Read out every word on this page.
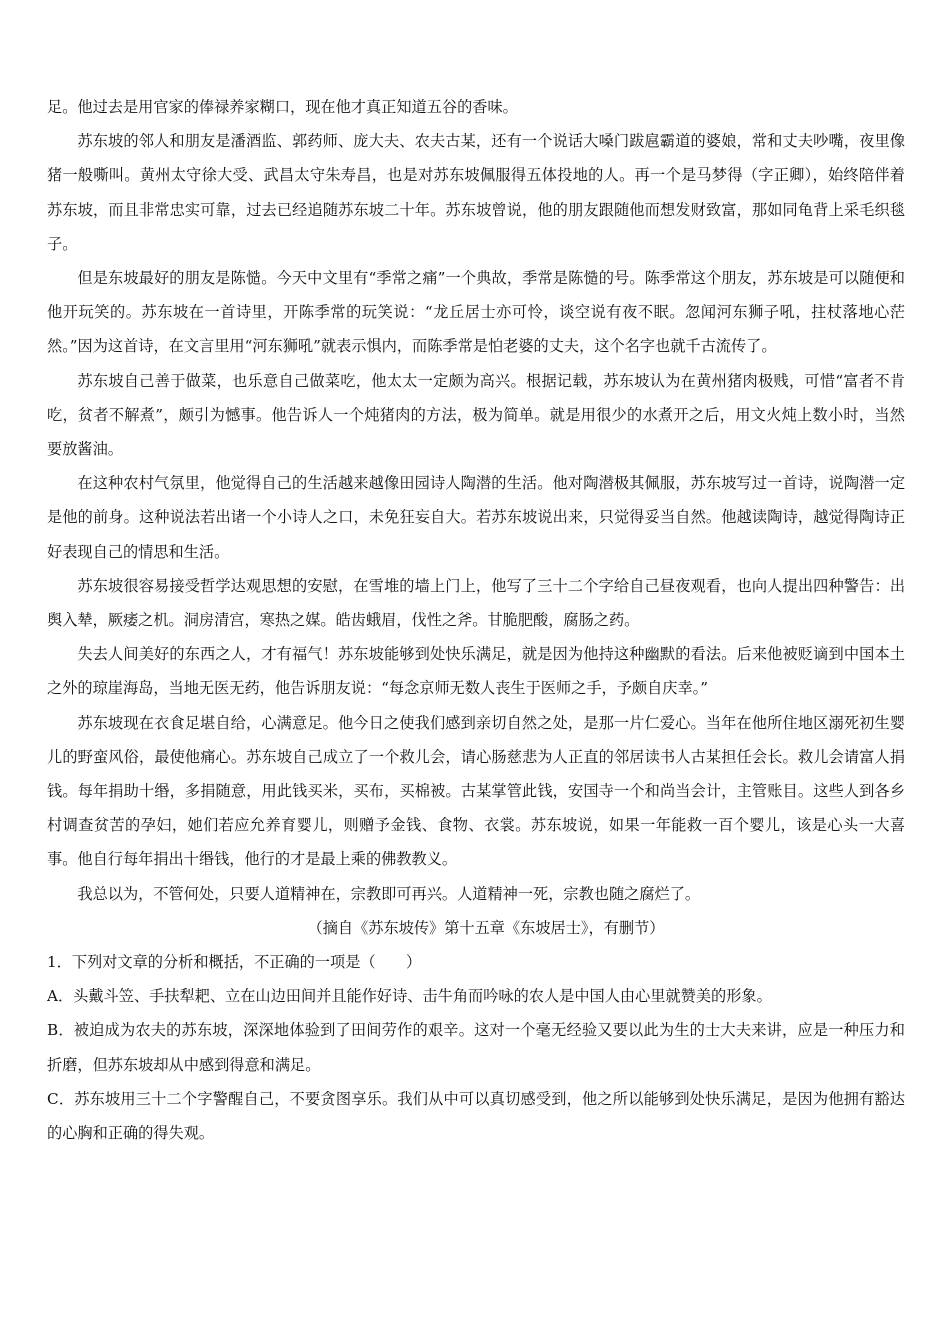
足。他过去是用官家的俸禄养家糊口，现在他才真正知道五谷的香味。

苏东坡的邻人和朋友是潘酒监、郭药师、庞大夫、农夫古某，还有一个说话大嗓门跋扈霸道的婆娘，常和丈夫吵嘴，夜里像猪一般嘶叫。黄州太守徐大受、武昌太守朱寿昌，也是对苏东坡佩服得五体投地的人。再一个是马梦得（字正卿），始终陪伴着苏东坡，而且非常忠实可靠，过去已经追随苏东坡二十年。苏东坡曾说，他的朋友跟随他而想发财致富，那如同龟背上采毛织毯子。

但是东坡最好的朋友是陈慥。今天中文里有“季常之痛”一个典故，季常是陈慥的号。陈季常这个朋友，苏东坡是可以随便和他开玩笑的。苏东坡在一首诗里，开陈季常的玩笑说：“龙丘居士亦可怜，谈空说有夜不眠。忽闻河东狮子吼，拄杖落地心茫然。”因为这首诗，在文言里用“河东狮吼”就表示惧内，而陈季常是怕老婆的丈夫，这个名字也就千古流传了。

苏东坡自己善于做菜，也乐意自己做菜吃，他太太一定颇为高兴。根据记载，苏东坡认为在黄州猪肉极贱，可惜“富者不肯吃，贫者不解煮”，颇引为憾事。他告诉人一个炖猪肉的方法，极为简单。就是用很少的水煮开之后，用文火炖上数小时，当然要放酱油。

在这种农村气氛里，他觉得自己的生活越来越像田园诗人陶潜的生活。他对陶潜极其佩服，苏东坡写过一首诗，说陶潜一定是他的前身。这种说法若出诸一个小诗人之口，未免狂妄自大。若苏东坡说出来，只觉得妥当自然。他越读陶诗，越觉得陶诗正好表现自己的情思和生活。

苏东坡很容易接受哲学达观思想的安慰，在雪堆的墙上门上，他写了三十二个字给自己昼夜观看，也向人提出四种警告：出舆入辇，厥痿之机。洞房清宫，寒热之媒。皓齿蛾眉，伐性之斧。甘脆肥酸，腐肠之药。

失去人间美好的东西之人，才有福气！苏东坡能够到处快乐满足，就是因为他持这种幽默的看法。后来他被贬谪到中国本土之外的琼崖海岛，当地无医无药，他告诉朋友说：“每念京师无数人丧生于医师之手，予颇自庆幸。”

苏东坡现在衣食足堪自给，心满意足。他今日之使我们感到亲切自然之处，是那一片仁爱心。当年在他所住地区溺死初生婴儿的野蛮风俗，最使他痛心。苏东坡自己成立了一个救儿会，请心肠慈悲为人正直的邻居读书人古某担任会长。救儿会请富人捐钱。每年捐助十缗，多捐随意，用此钱买米，买布，买棉被。古某掌管此钱，安国寺一个和尚当会计，主管账目。这些人到各乡村调查贫苦的孕妇，她们若应允养育婴儿，则赠予金钱、食物、衣裳。苏东坡说，如果一年能救一百个婴儿，该是心头一大喜事。他自行每年捐出十缗钱，他行的才是最上乘的佛教教义。

我总以为，不管何处，只要人道精神在，宗教即可再兴。人道精神一死，宗教也随之腐烂了。

（摘自《苏东坡传》第十五章《东坡居士》，有删节）

1．下列对文章的分析和概括，不正确的一项是（　　）

A．头戴斗笠、手扶犁耙、立在山边田间并且能作好诗、击牛角而吟咏的农人是中国人由心里就赞美的形象。

B．被迫成为农夫的苏东坡，深深地体验到了田间劳作的艰辛。这对一个毫无经验又要以此为生的士大夫来讲，应是一种压力和折磨，但苏东坡却从中感到得意和满足。

C．苏东坡用三十二个字警醒自己，不要贪图享乐。我们从中可以真切感受到，他之所以能够到处快乐满足，是因为他拥有豁达的心胸和正确的得失观。
